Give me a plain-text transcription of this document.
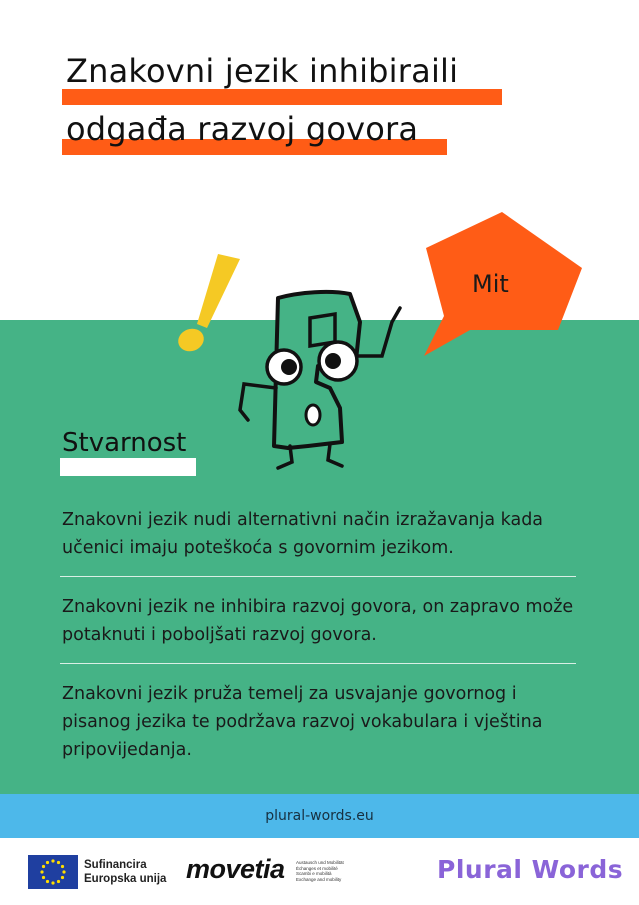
Znakovni jezik inhibiraili
odgađa razvoj govora
Mit
Stvarnost
Znakovni jezik nudi alternativni način izražavanja kada učenici imaju poteškoća s govornim jezikom.
Znakovni jezik ne inhibira razvoj govora, on zapravo može potaknuti i poboljšati razvoj govora.
Znakovni jezik pruža temelj za usvajanje govornog i pisanog jezika te podržava razvoj vokabulara i vještina pripovijedanja.
plural-words.eu
Sufinancira
Europska unija movetia	Austausch und Mobilität
Échanges et mobilité
Scambi e mobilità
Exchange and mobility	Plural Words
